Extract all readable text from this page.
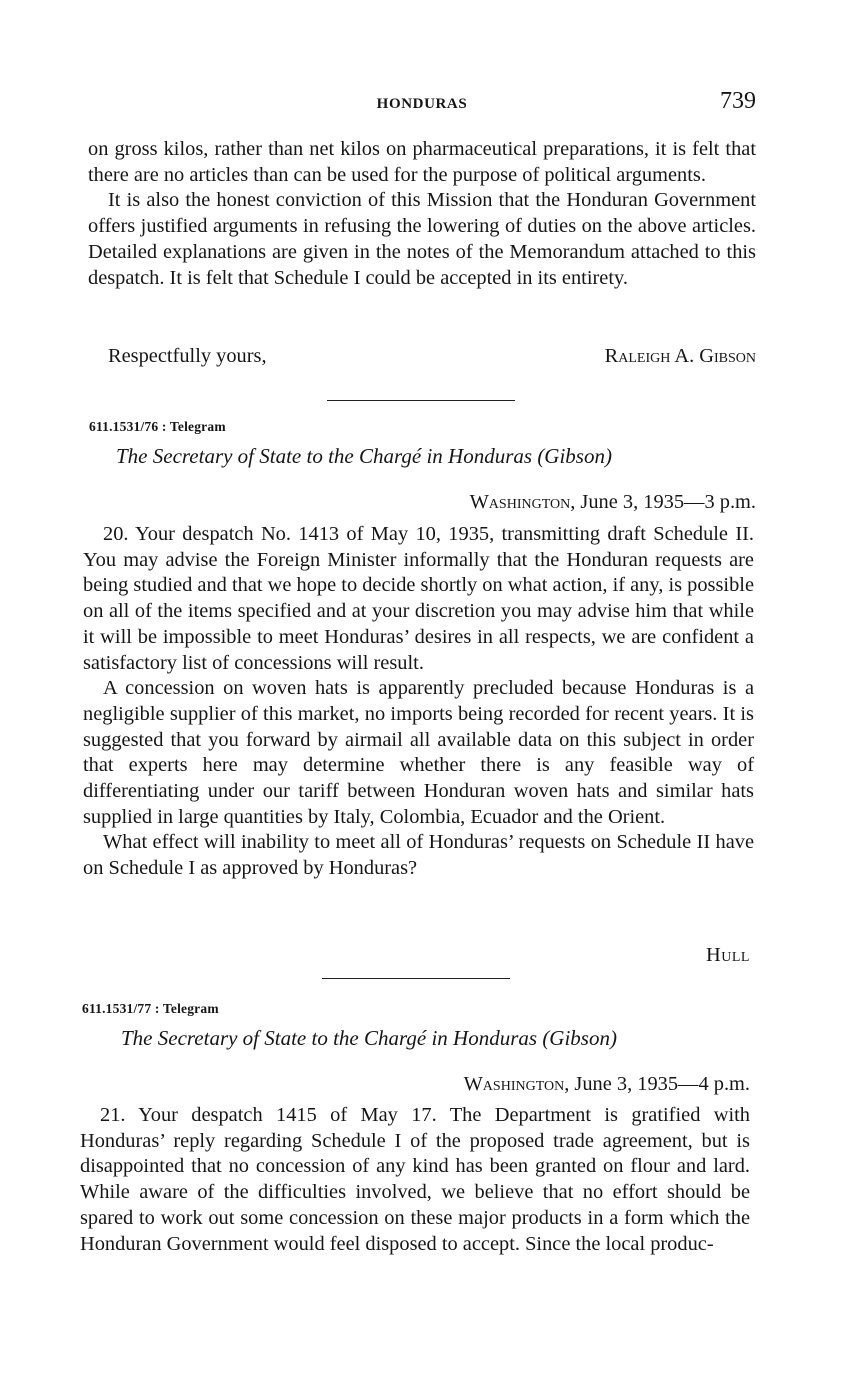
HONDURAS	739

on gross kilos, rather than net kilos on pharmaceutical preparations, it is felt that there are no articles than can be used for the purpose of political arguments.

It is also the honest conviction of this Mission that the Honduran Government offers justified arguments in refusing the lowering of duties on the above articles. Detailed explanations are given in the notes of the Memorandum attached to this despatch. It is felt that Schedule I could be accepted in its entirety.

Respectfully yours,	Raleigh A. Gibson
611.1531/76 : Telegram
The Secretary of State to the Chargé in Honduras (Gibson)
Washington, June 3, 1935—3 p.m.

20. Your despatch No. 1413 of May 10, 1935, transmitting draft Schedule II. You may advise the Foreign Minister informally that the Honduran requests are being studied and that we hope to decide shortly on what action, if any, is possible on all of the items specified and at your discretion you may advise him that while it will be impossible to meet Honduras’ desires in all respects, we are confident a satisfactory list of concessions will result.

A concession on woven hats is apparently precluded because Honduras is a negligible supplier of this market, no imports being recorded for recent years. It is suggested that you forward by airmail all available data on this subject in order that experts here may determine whether there is any feasible way of differentiating under our tariff between Honduran woven hats and similar hats supplied in large quantities by Italy, Colombia, Ecuador and the Orient.

What effect will inability to meet all of Honduras’ requests on Schedule II have on Schedule I as approved by Honduras?

Hull
611.1531/77 : Telegram
The Secretary of State to the Chargé in Honduras (Gibson)
Washington, June 3, 1935—4 p.m.

21. Your despatch 1415 of May 17. The Department is gratified with Honduras’ reply regarding Schedule I of the proposed trade agreement, but is disappointed that no concession of any kind has been granted on flour and lard. While aware of the difficulties involved, we believe that no effort should be spared to work out some concession on these major products in a form which the Honduran Government would feel disposed to accept. Since the local produc-
